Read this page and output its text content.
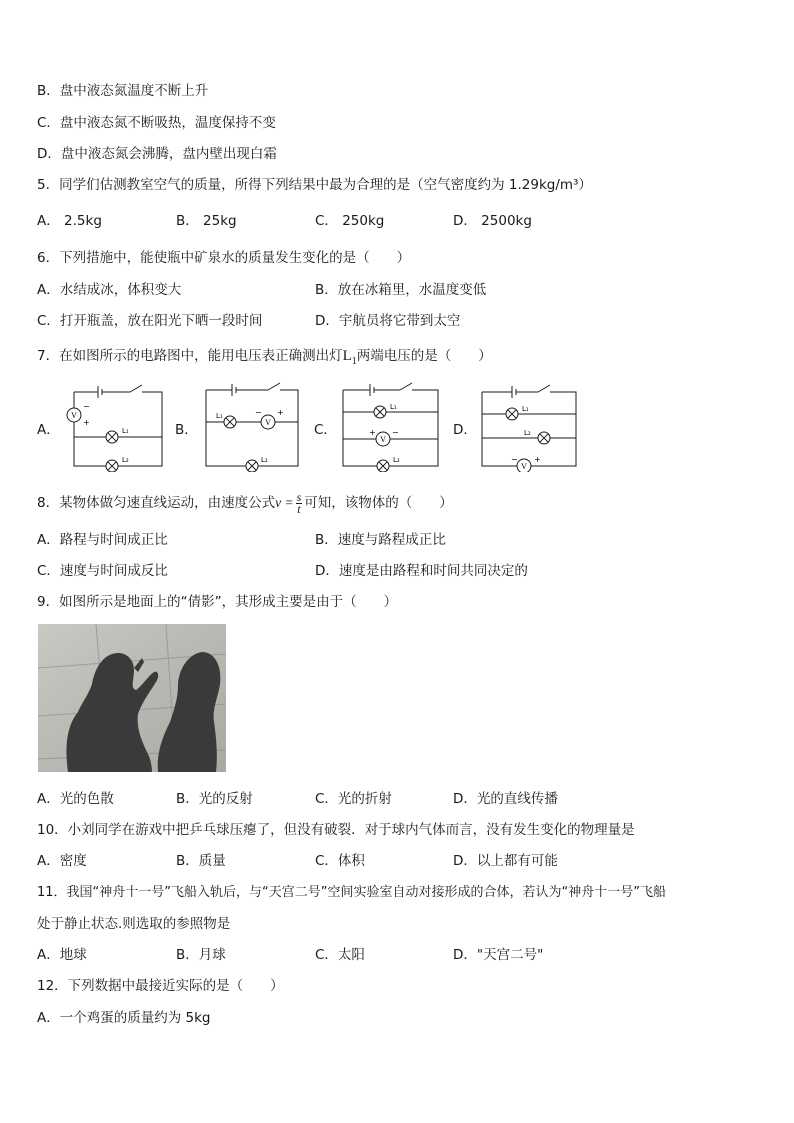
B．盘中液态氮温度不断上升
C．盘中液态氮不断吸热，温度保持不变
D．盘中液态氮会沸腾，盘内壁出现白霜
5．同学们估测教室空气的质量，所得下列结果中最为合理的是（空气密度约为 1.29kg/m³）
A． 2.5kg	B． 25kg	C． 250kg	D． 2500kg
6．下列措施中，能使瓶中矿泉水的质量发生变化的是（　　）
A．水结成冰，体积变大	B．放在冰箱里，水温度变低
C．打开瓶盖，放在阳光下晒一段时间	D．宇航员将它带到太空
7．在如图所示的电路图中，能用电压表正确测出灯$L_1$两端电压的是（　　）
A．	B．	C．	D．
V
−
+
L₁
L₂
L₁
V
− +
L₂
L₁
V
+ −
L₂
L₁
L₂
V
− +
8．某物体做匀速直线运动，由速度公式$v = \frac{s}{t}$ 可知，该物体的（　　）
A．路程与时间成正比	B．速度与路程成正比
C．速度与时间成反比	D．速度是由路程和时间共同决定的
9．如图所示是地面上的“倩影”，其形成主要是由于（　　）
A．光的色散	B．光的反射	C．光的折射	D．光的直线传播
10．小刘同学在游戏中把乒乓球压瘪了，但没有破裂．对于球内气体而言，没有发生变化的物理量是
A．密度	B．质量	C．体积	D．以上都有可能
11．我国“神舟十一号”飞船入轨后，与“天宫二号”空间实验室自动对接形成的合体，若认为“神舟十一号”飞船
处于静止状态.则选取的参照物是
A．地球	B．月球	C．太阳	D．"天宫二号"
12．下列数据中最接近实际的是（　　）
A．一个鸡蛋的质量约为 5kg
